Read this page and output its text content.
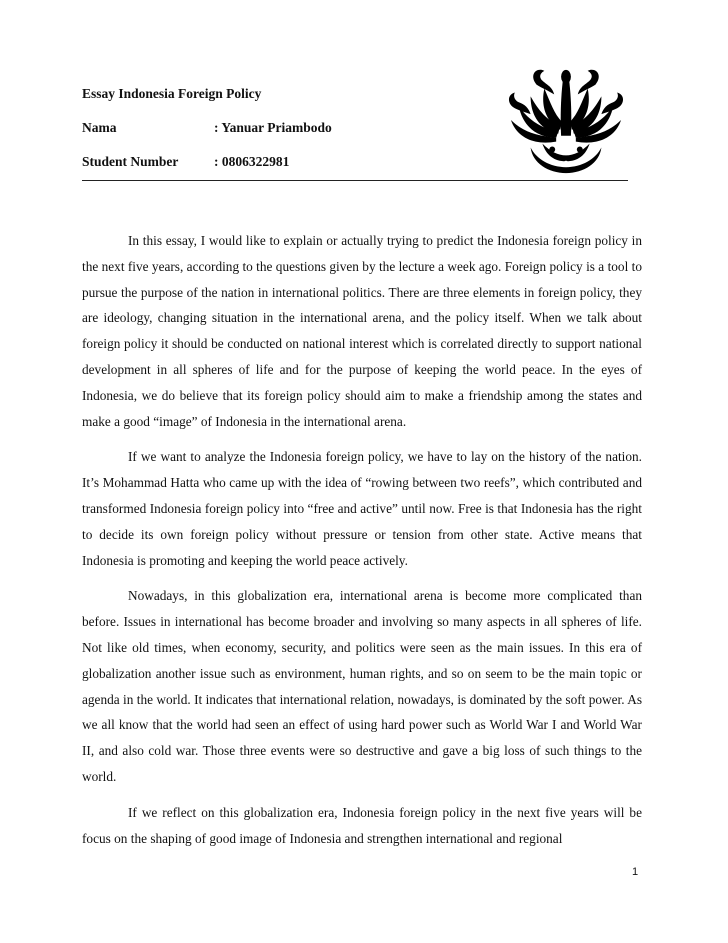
Essay Indonesia Foreign Policy
Nama	: Yanuar Priambodo
Student Number	: 0806322981

In this essay, I would like to explain or actually trying to predict the Indonesia foreign policy in the next five years, according to the questions given by the lecture a week ago. Foreign policy is a tool to pursue the purpose of the nation in international politics. There are three elements in foreign policy, they are ideology, changing situation in the international arena, and the policy itself. When we talk about foreign policy it should be conducted on national interest which is correlated directly to support national development in all spheres of life and for the purpose of keeping the world peace. In the eyes of Indonesia, we do believe that its foreign policy should aim to make a friendship among the states and make a good “image” of Indonesia in the international arena.

If we want to analyze the Indonesia foreign policy, we have to lay on the history of the nation. It’s Mohammad Hatta who came up with the idea of “rowing between two reefs”, which contributed and transformed Indonesia foreign policy into “free and active” until now. Free is that Indonesia has the right to decide its own foreign policy without pressure or tension from other state. Active means that Indonesia is promoting and keeping the world peace actively.

Nowadays, in this globalization era, international arena is become more complicated than before. Issues in international has become broader and involving so many aspects in all spheres of life. Not like old times, when economy, security, and politics were seen as the main issues. In this era of globalization another issue such as environment, human rights, and so on seem to be the main topic or agenda in the world. It indicates that international relation, nowadays, is dominated by the soft power. As we all know that the world had seen an effect of using hard power such as World War I and World War II, and also cold war. Those three events were so destructive and gave a big loss of such things to the world.

If we reflect on this globalization era, Indonesia foreign policy in the next five years will be focus on the shaping of good image of Indonesia and strengthen international and regional

1
